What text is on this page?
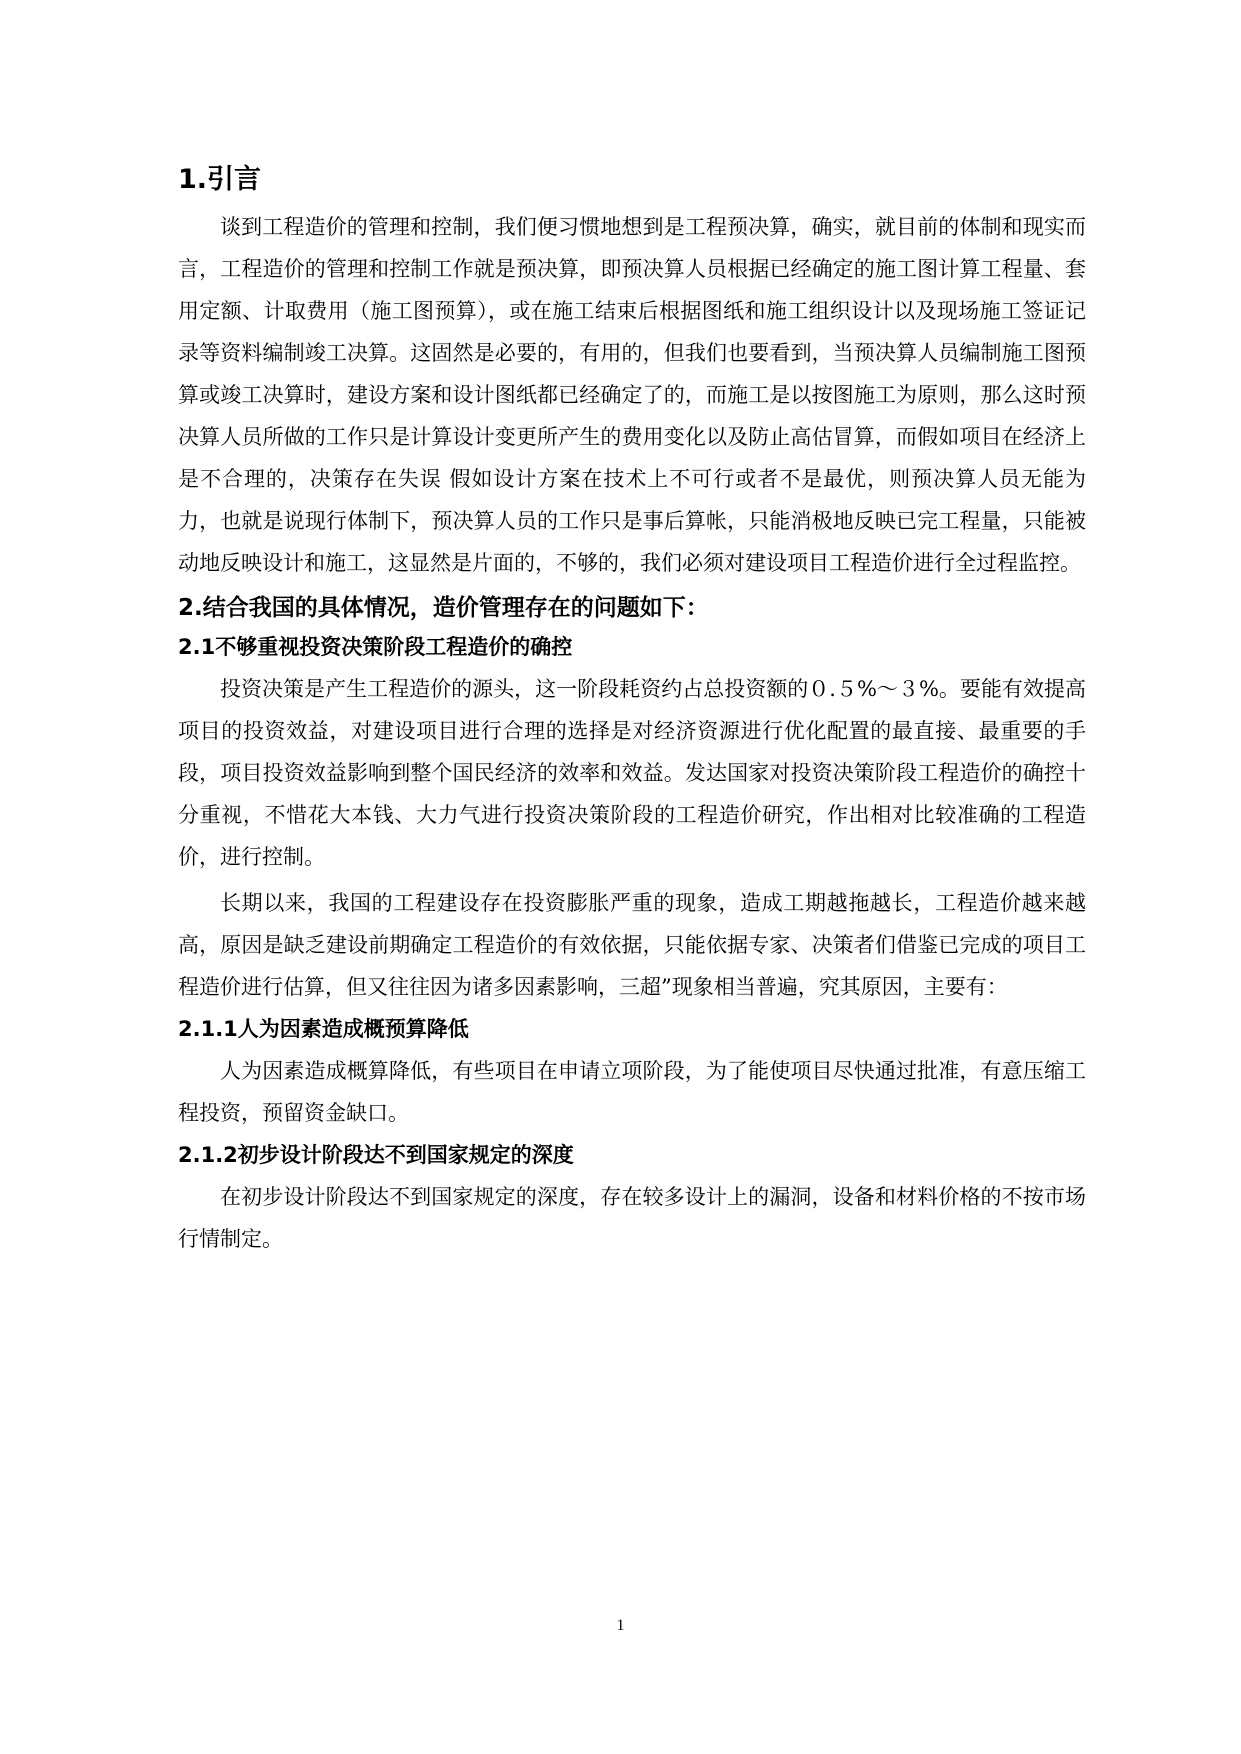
1.引言
谈到工程造价的管理和控制，我们便习惯地想到是工程预决算，确实，就目前的体制和现实而言，工程造价的管理和控制工作就是预决算，即预决算人员根据已经确定的施工图计算工程量、套用定额、计取费用（施工图预算），或在施工结束后根据图纸和施工组织设计以及现场施工签证记录等资料编制竣工决算。这固然是必要的，有用的，但我们也要看到，当预决算人员编制施工图预算或竣工决算时，建设方案和设计图纸都已经确定了的，而施工是以按图施工为原则，那么这时预决算人员所做的工作只是计算设计变更所产生的费用变化以及防止高估冒算，而假如项目在经济上是不合理的，决策存在失误 假如设计方案在技术上不可行或者不是最优，则预决算人员无能为力，也就是说现行体制下，预决算人员的工作只是事后算帐，只能消极地反映已完工程量，只能被动地反映设计和施工，这显然是片面的，不够的，我们必须对建设项目工程造价进行全过程监控。
2.结合我国的具体情况，造价管理存在的问题如下：
2.1不够重视投资决策阶段工程造价的确控
投资决策是产生工程造价的源头，这一阶段耗资约占总投资额的０.５%～３%。要能有效提高项目的投资效益，对建设项目进行合理的选择是对经济资源进行优化配置的最直接、最重要的手段，项目投资效益影响到整个国民经济的效率和效益。发达国家对投资决策阶段工程造价的确控十分重视，不惜花大本钱、大力气进行投资决策阶段的工程造价研究，作出相对比较准确的工程造价，进行控制。
长期以来，我国的工程建设存在投资膨胀严重的现象，造成工期越拖越长，工程造价越来越高，原因是缺乏建设前期确定工程造价的有效依据，只能依据专家、决策者们借鉴已完成的项目工程造价进行估算，但又往往因为诸多因素影响，三超”现象相当普遍，究其原因，主要有：
2.1.1人为因素造成概预算降低
人为因素造成概算降低，有些项目在申请立项阶段，为了能使项目尽快通过批准，有意压缩工程投资，预留资金缺口。
2.1.2初步设计阶段达不到国家规定的深度
在初步设计阶段达不到国家规定的深度，存在较多设计上的漏洞，设备和材料价格的不按市场行情制定。
1
